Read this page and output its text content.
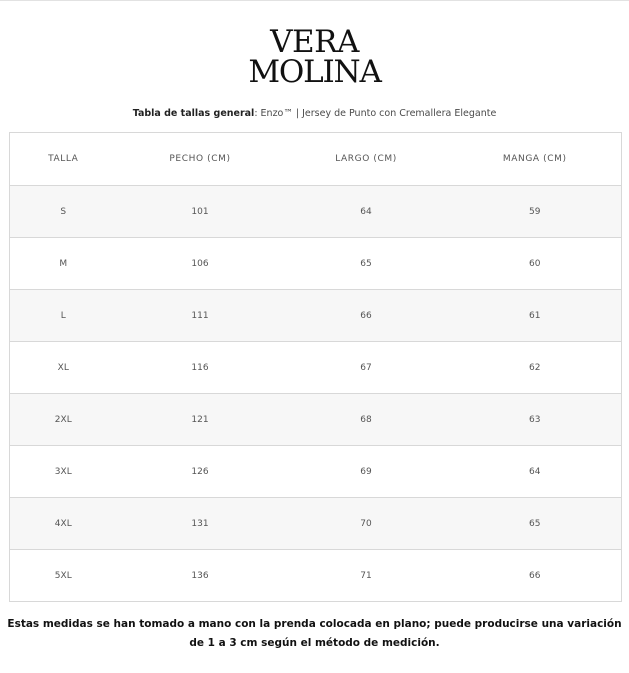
VERA
MOLINA
Tabla de tallas general: Enzo™ | Jersey de Punto con Cremallera Elegante
TALLA	PECHO (CM)	LARGO (CM)	MANGA (CM)
S	101	64	59
M	106	65	60
L	111	66	61
XL	116	67	62
2XL	121	68	63
3XL	126	69	64
4XL	131	70	65
5XL	136	71	66
Estas medidas se han tomado a mano con la prenda colocada en plano; puede producirse una variación de 1 a 3 cm según el método de medición.
